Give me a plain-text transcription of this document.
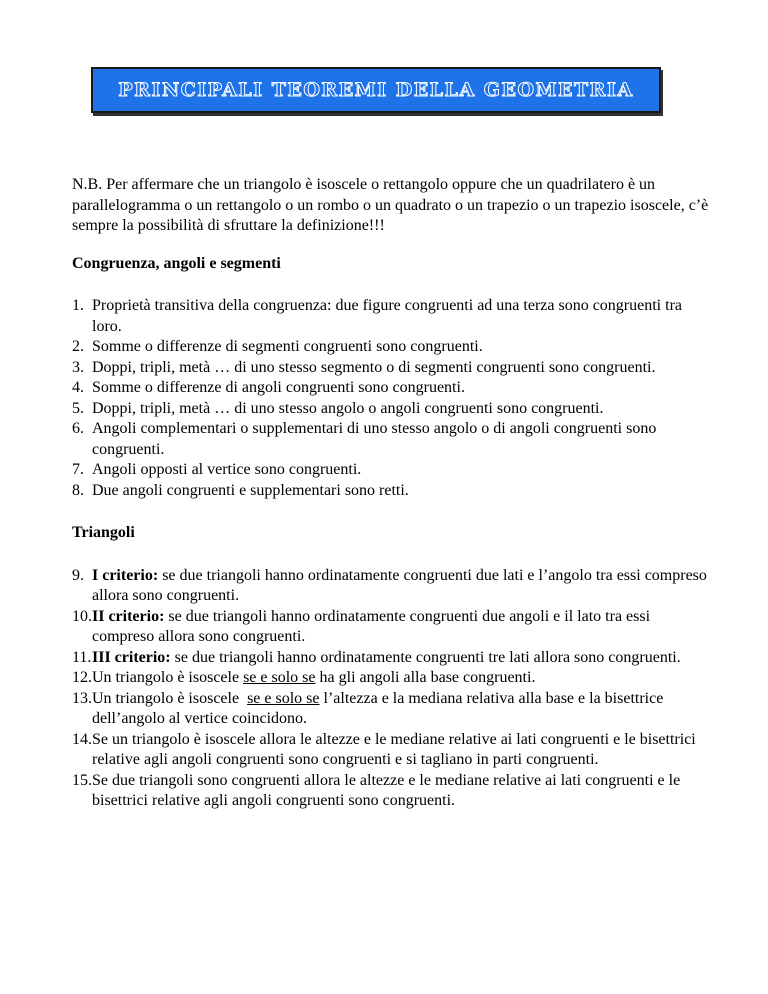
PRINCIPALI TEOREMI DELLA GEOMETRIA

N.B. Per affermare che un triangolo è isoscele o rettangolo oppure che un quadrilatero è un parallelogramma o un rettangolo o un rombo o un quadrato o un trapezio o un trapezio isoscele, c’è sempre la possibilità di sfruttare la definizione!!!

Congruenza, angoli e segmenti

1. Proprietà transitiva della congruenza: due figure congruenti ad una terza sono congruenti tra loro.
2. Somme o differenze di segmenti congruenti sono congruenti.
3. Doppi, tripli, metà … di uno stesso segmento o di segmenti congruenti sono congruenti.
4. Somme o differenze di angoli congruenti sono congruenti.
5. Doppi, tripli, metà … di uno stesso angolo o angoli congruenti sono congruenti.
6. Angoli complementari o supplementari di uno stesso angolo o di angoli congruenti sono congruenti.
7. Angoli opposti al vertice sono congruenti.
8. Due angoli congruenti e supplementari sono retti.

Triangoli

9. I criterio: se due triangoli hanno ordinatamente congruenti due lati e l’angolo tra essi compreso allora sono congruenti.
10. II criterio: se due triangoli hanno ordinatamente congruenti due angoli e il lato tra essi compreso allora sono congruenti.
11. III criterio: se due triangoli hanno ordinatamente congruenti tre lati allora sono congruenti.
12. Un triangolo è isoscele se e solo se ha gli angoli alla base congruenti.
13. Un triangolo è isoscele  se e solo se l’altezza e la mediana relativa alla base e la bisettrice dell’angolo al vertice coincidono.
14. Se un triangolo è isoscele allora le altezze e le mediane relative ai lati congruenti e le bisettrici relative agli angoli congruenti sono congruenti e si tagliano in parti congruenti.
15. Se due triangoli sono congruenti allora le altezze e le mediane relative ai lati congruenti e le bisettrici relative agli angoli congruenti sono congruenti.
